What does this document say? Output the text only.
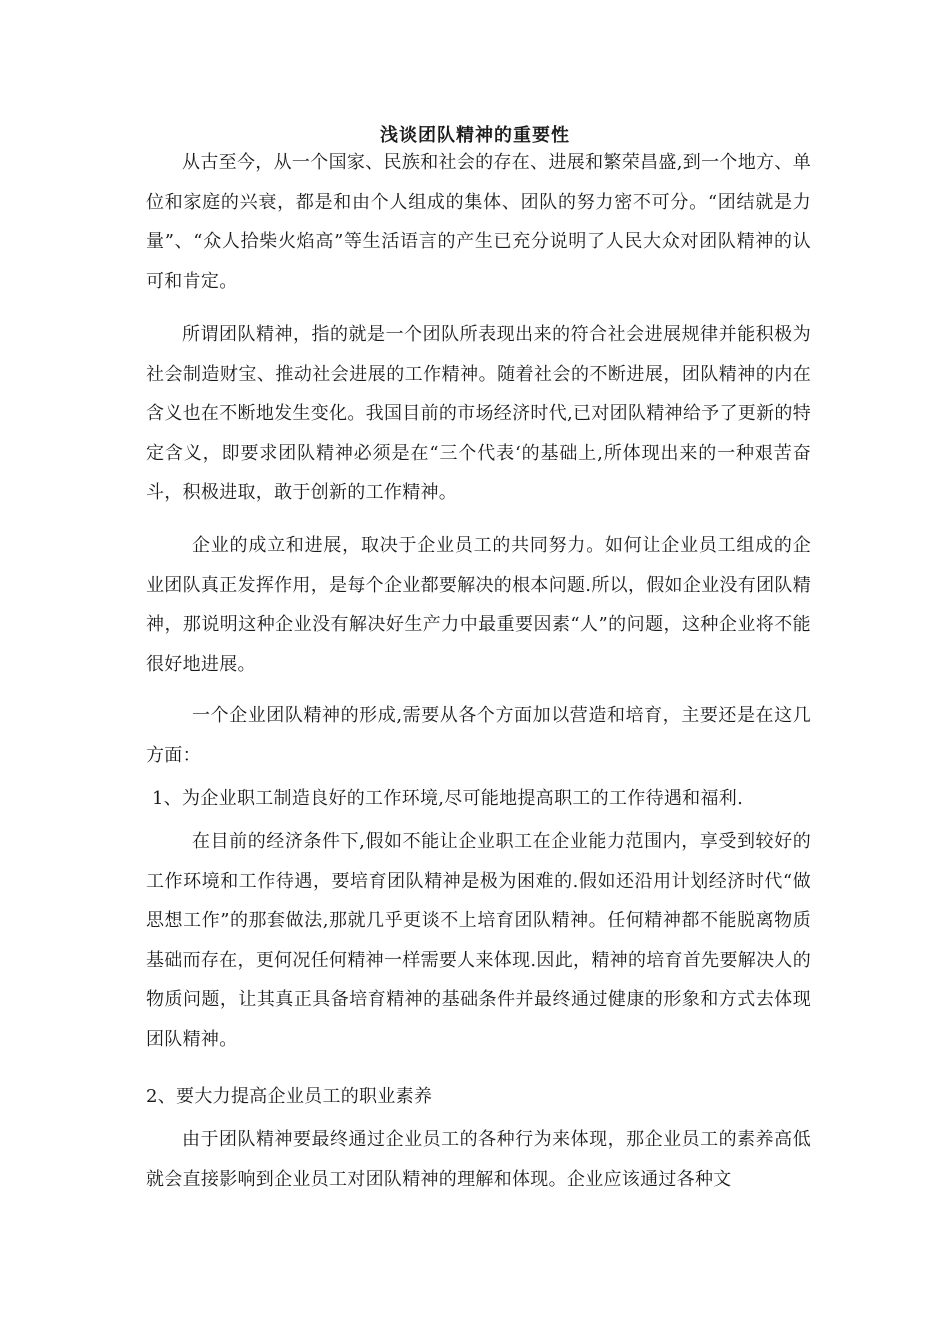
浅谈团队精神的重要性
从古至今，从一个国家、民族和社会的存在、进展和繁荣昌盛,到一个地方、单位和家庭的兴衰，都是和由个人组成的集体、团队的努力密不可分。“团结就是力量”、“众人拾柴火焰高”等生活语言的产生已充分说明了人民大众对团队精神的认可和肯定。
所谓团队精神，指的就是一个团队所表现出来的符合社会进展规律并能积极为社会制造财宝、推动社会进展的工作精神。随着社会的不断进展，团队精神的内在含义也在不断地发生变化。我国目前的市场经济时代,已对团队精神给予了更新的特定含义，即要求团队精神必须是在“三个代表‘的基础上,所体现出来的一种艰苦奋斗，积极进取，敢于创新的工作精神。
企业的成立和进展，取决于企业员工的共同努力。如何让企业员工组成的企业团队真正发挥作用，是每个企业都要解决的根本问题.所以，假如企业没有团队精神，那说明这种企业没有解决好生产力中最重要因素“人”的问题，这种企业将不能很好地进展。
一个企业团队精神的形成,需要从各个方面加以营造和培育，主要还是在这几方面：
1、为企业职工制造良好的工作环境,尽可能地提高职工的工作待遇和福利.
在目前的经济条件下,假如不能让企业职工在企业能力范围内，享受到较好的工作环境和工作待遇，要培育团队精神是极为困难的.假如还沿用计划经济时代“做思想工作”的那套做法,那就几乎更谈不上培育团队精神。任何精神都不能脱离物质基础而存在，更何况任何精神一样需要人来体现.因此，精神的培育首先要解决人的物质问题，让其真正具备培育精神的基础条件并最终通过健康的形象和方式去体现团队精神。
2、要大力提高企业员工的职业素养
由于团队精神要最终通过企业员工的各种行为来体现，那企业员工的素养高低就会直接影响到企业员工对团队精神的理解和体现。企业应该通过各种文
